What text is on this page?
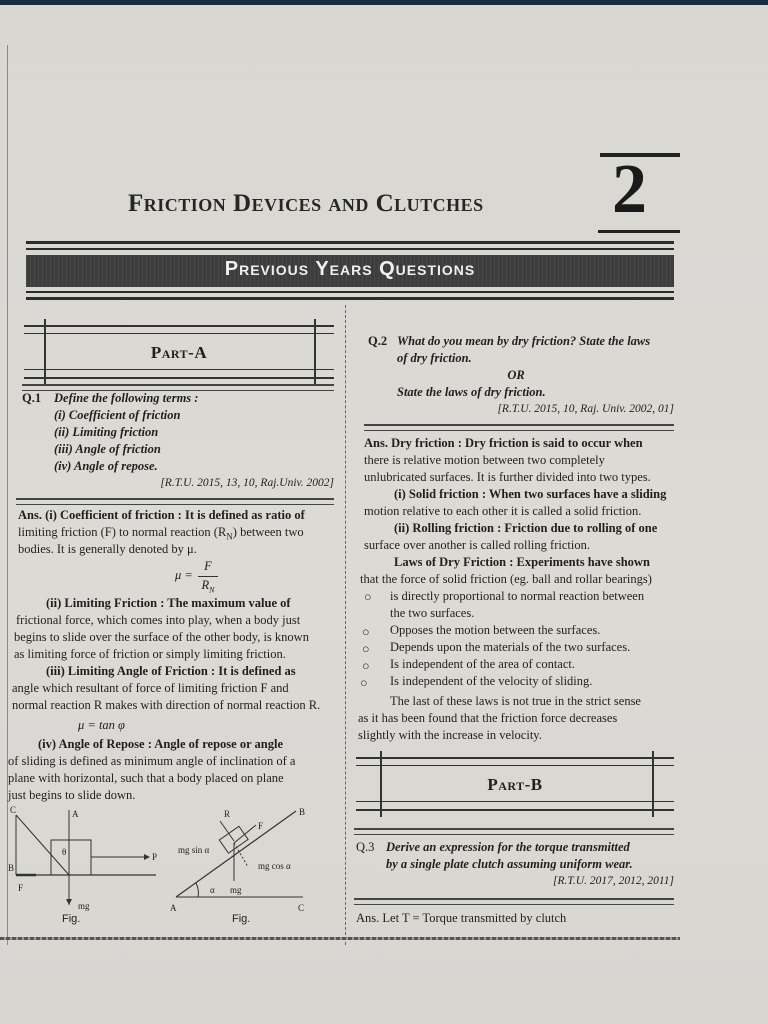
Friction Devices and Clutches 2
Previous Years Questions
Part-A
Q.1 Define the following terms :
(i) Coefficient of friction
(ii) Limiting friction
(iii) Angle of friction
(iv) Angle of repose.
[R.T.U. 2015, 13, 10, Raj.Univ. 2002]
Ans. (i) Coefficient of friction : It is defined as ratio of
limiting friction (F) to normal reaction $(R_N)$ between two
bodies. It is generally denoted by μ.
μ =
F
$R_N$
(ii) Limiting Friction : The maximum value of
frictional force, which comes into play, when a body just
begins to slide over the surface of the other body, is known
as limiting force of friction or simply limiting friction.
(iii) Limiting Angle of Friction : It is defined as
angle which resultant of force of limiting friction F and
normal reaction R makes with direction of normal reaction R.
μ = tan φ
(iv) Angle of Repose : Angle of repose or angle
of sliding is defined as minimum angle of inclination of a
plane with horizontal, such that a body placed on plane
just begins to slide down.
C	A
B
F
P
θ
mg
Fig.
R
F
B
A	C
mg sin α
mg cos α
α mg
Fig.
Q.2 What do you mean by dry friction? State the laws
of dry friction.
OR
State the laws of dry friction.
[R.T.U. 2015, 10, Raj. Univ. 2002, 01]
Ans. Dry friction : Dry friction is said to occur when
there is relative motion between two completely
unlubricated surfaces. It is further divided into two types.
(i) Solid friction : When two surfaces have a sliding
motion relative to each other it is called a solid friction.
(ii) Rolling friction : Friction due to rolling of one
surface over another is called rolling friction.
Laws of Dry Friction : Experiments have shown
that the force of solid friction (eg. ball and rollar bearings)
○ is directly proportional to normal reaction between
the two surfaces.
○ Opposes the motion between the surfaces.
○ Depends upon the materials of the two surfaces.
○ Is independent of the area of contact.
○ Is independent of the velocity of sliding.
The last of these laws is not true in the strict sense
as it has been found that the friction force decreases
slightly with the increase in velocity.
Part-B
Q.3 Derive an expression for the torque transmitted
by a single plate clutch assuming uniform wear.
[R.T.U. 2017, 2012, 2011]
Ans. Let T = Torque transmitted by clutch
